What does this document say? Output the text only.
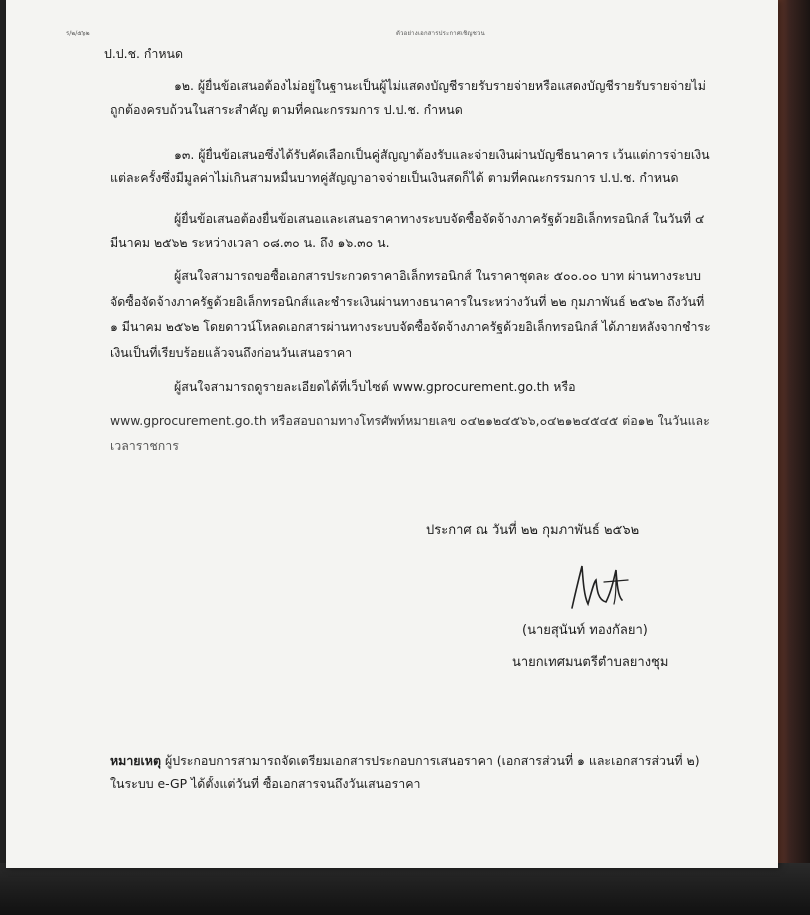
ร/๒/๕๖๒	ตัวอย่างเอกสารประกาศเชิญชวน
ป.ป.ช. กำหนด
๑๒. ผู้ยื่นข้อเสนอต้องไม่อยู่ในฐานะเป็นผู้ไม่แสดงบัญชีรายรับรายจ่ายหรือแสดงบัญชีรายรับรายจ่ายไม่
ถูกต้องครบถ้วนในสาระสำคัญ ตามที่คณะกรรมการ ป.ป.ช. กำหนด
๑๓. ผู้ยื่นข้อเสนอซึ่งได้รับคัดเลือกเป็นคู่สัญญาต้องรับและจ่ายเงินผ่านบัญชีธนาคาร เว้นแต่การจ่ายเงิน
แต่ละครั้งซึ่งมีมูลค่าไม่เกินสามหมื่นบาทคู่สัญญาอาจจ่ายเป็นเงินสดก็ได้ ตามที่คณะกรรมการ ป.ป.ช. กำหนด
ผู้ยื่นข้อเสนอต้องยื่นข้อเสนอและเสนอราคาทางระบบจัดซื้อจัดจ้างภาครัฐด้วยอิเล็กทรอนิกส์ ในวันที่ ๔
มีนาคม ๒๕๖๒ ระหว่างเวลา ๐๘.๓๐ น. ถึง ๑๖.๓๐ น.
ผู้สนใจสามารถขอซื้อเอกสารประกวดราคาอิเล็กทรอนิกส์ ในราคาชุดละ ๕๐๐.๐๐ บาท ผ่านทางระบบ
จัดซื้อจัดจ้างภาครัฐด้วยอิเล็กทรอนิกส์และชำระเงินผ่านทางธนาคารในระหว่างวันที่ ๒๒ กุมภาพันธ์ ๒๕๖๒ ถึงวันที่
๑ มีนาคม ๒๕๖๒ โดยดาวน์โหลดเอกสารผ่านทางระบบจัดซื้อจัดจ้างภาครัฐด้วยอิเล็กทรอนิกส์ ได้ภายหลังจากชำระ
เงินเป็นที่เรียบร้อยแล้วจนถึงก่อนวันเสนอราคา
ผู้สนใจสามารถดูรายละเอียดได้ที่เว็บไซต์ www.gprocurement.go.th หรือ
www.gprocurement.go.th หรือสอบถามทางโทรศัพท์หมายเลข ๐๔๒๑๒๔๕๖๖,๐๔๒๑๒๔๕๔๕ ต่อ๑๒ ในวันและ
เวลาราชการ
ประกาศ ณ วันที่ ๒๒ กุมภาพันธ์ ๒๕๖๒
(นายสุนันท์ ทองกัลยา)
นายกเทศมนตรีตำบลยางชุม
หมายเหตุ ผู้ประกอบการสามารถจัดเตรียมเอกสารประกอบการเสนอราคา (เอกสารส่วนที่ ๑ และเอกสารส่วนที่ ๒)
ในระบบ e-GP ได้ตั้งแต่วันที่ ซื้อเอกสารจนถึงวันเสนอราคา
